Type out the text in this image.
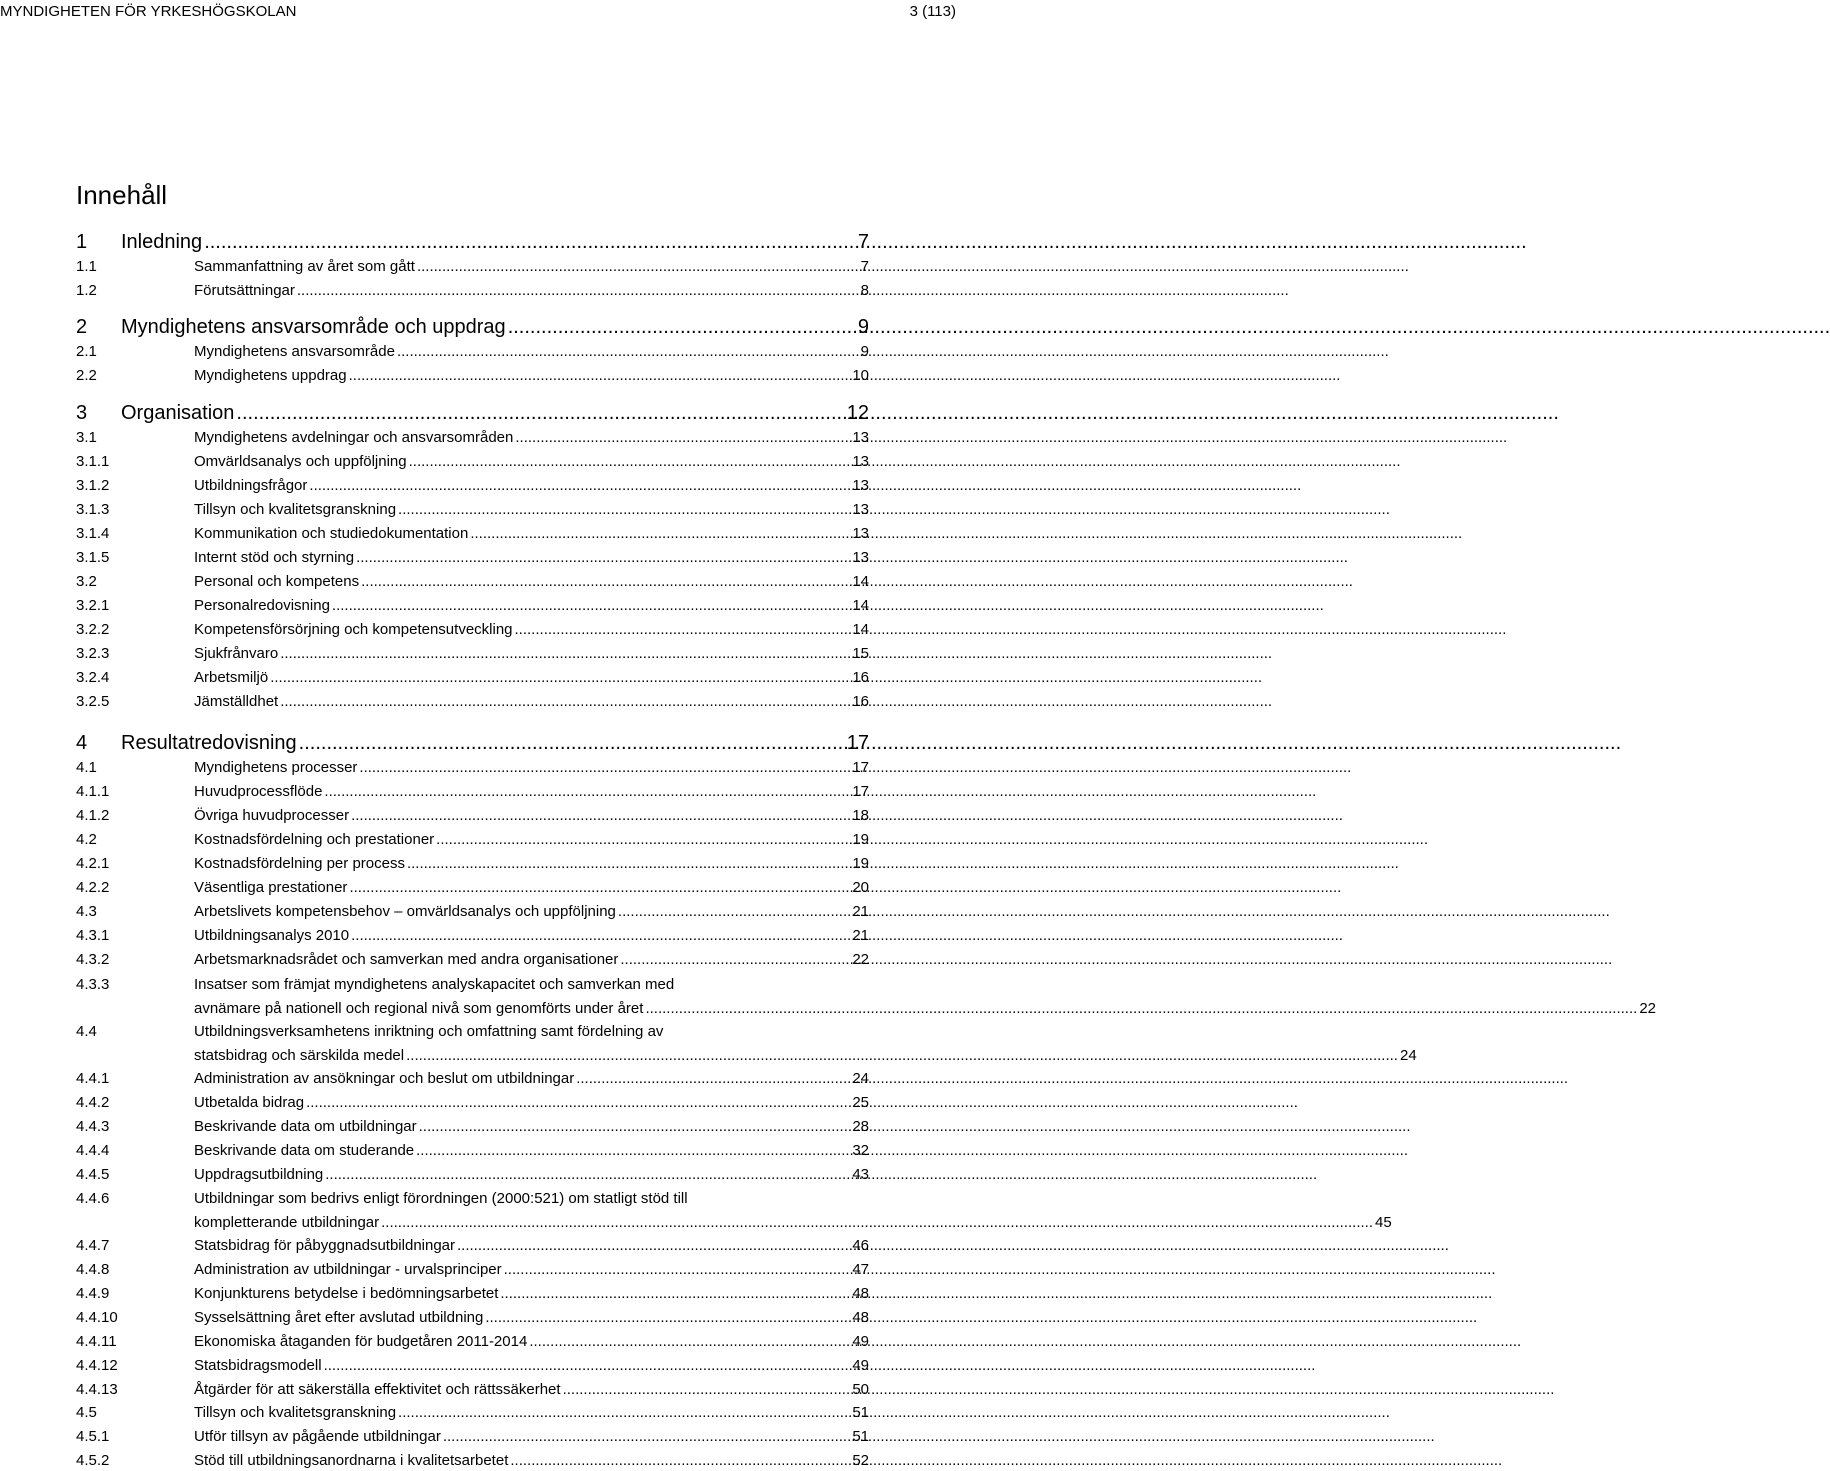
MYNDIGHETEN FÖR YRKESHÖGSKOLAN	3 (113)
Innehåll
1	Inledning .....	7
1.1	Sammanfattning av året som gått .....	7
1.2	Förutsättningar .....	8
2	Myndighetens ansvarsområde och uppdrag .....	9
2.1	Myndighetens ansvarsområde .....	9
2.2	Myndighetens uppdrag .....	10
3	Organisation .....	12
3.1	Myndighetens avdelningar och ansvarsområden .....	13
3.1.1	Omvärldsanalys och uppföljning .....	13
3.1.2	Utbildningsfrågor .....	13
3.1.3	Tillsyn och kvalitetsgranskning .....	13
3.1.4	Kommunikation och studiedokumentation .....	13
3.1.5	Internt stöd och styrning .....	13
3.2	Personal och kompetens .....	14
3.2.1	Personalredovisning .....	14
3.2.2	Kompetensförsörjning och kompetensutveckling .....	14
3.2.3	Sjukfrånvaro .....	15
3.2.4	Arbetsmiljö .....	16
3.2.5	Jämställdhet .....	16
4	Resultatredovisning .....	17
4.1	Myndighetens processer .....	17
4.1.1	Huvudprocessflöde .....	17
4.1.2	Övriga huvudprocesser .....	18
4.2	Kostnadsfördelning och prestationer .....	19
4.2.1	Kostnadsfördelning per process .....	19
4.2.2	Väsentliga prestationer .....	20
4.3	Arbetslivets kompetensbehov – omvärldsanalys och uppföljning .....	21
4.3.1	Utbildningsanalys 2010 .....	21
4.3.2	Arbetsmarknadsrådet och samverkan med andra organisationer .....	22
4.3.3	Insatser som främjat myndighetens analyskapacitet och samverkan med
avnämare på nationell och regional nivå som genomförts under året .....	22
4.4	Utbildningsverksamhetens inriktning och omfattning samt fördelning av
statsbidrag och särskilda medel .....	24
4.4.1	Administration av ansökningar och beslut om utbildningar .....	24
4.4.2	Utbetalda bidrag .....	25
4.4.3	Beskrivande data om utbildningar .....	28
4.4.4	Beskrivande data om studerande .....	32
4.4.5	Uppdragsutbildning .....	43
4.4.6	Utbildningar som bedrivs enligt förordningen (2000:521) om statligt stöd till
kompletterande utbildningar .....	45
4.4.7	Statsbidrag för påbyggnadsutbildningar .....	46
4.4.8	Administration av utbildningar - urvalsprinciper .....	47
4.4.9	Konjunkturens betydelse i bedömningsarbetet .....	48
4.4.10	Sysselsättning året efter avslutad utbildning .....	48
4.4.11	Ekonomiska åtaganden för budgetåren 2011-2014 .....	49
4.4.12	Statsbidragsmodell .....	49
4.4.13	Åtgärder för att säkerställa effektivitet och rättssäkerhet .....	50
4.5	Tillsyn och kvalitetsgranskning .....	51
4.5.1	Utför tillsyn av pågående utbildningar .....	51
4.5.2	Stöd till utbildningsanordnarna i kvalitetsarbetet .....	52
